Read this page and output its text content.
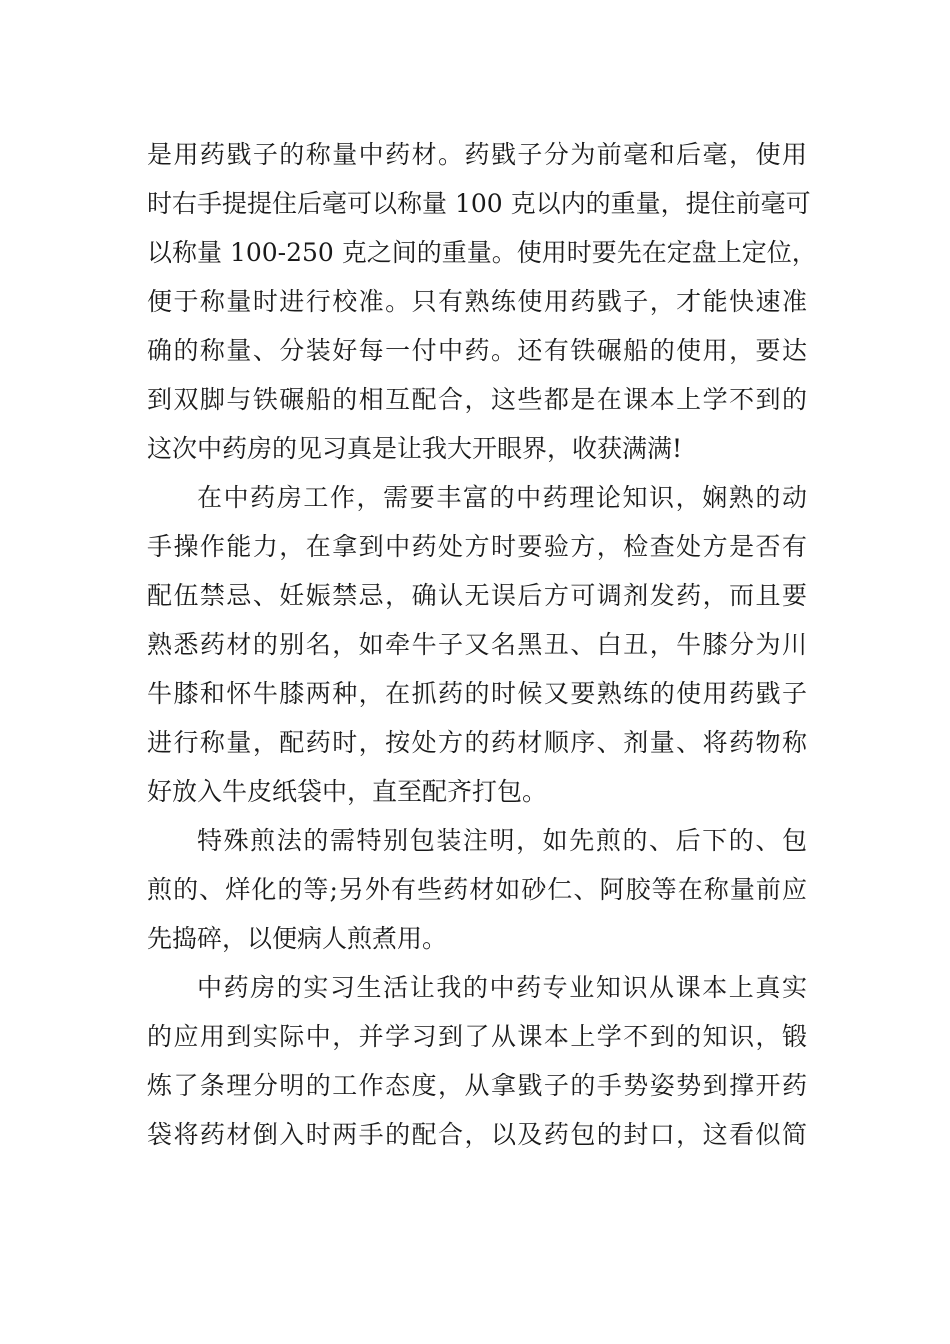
是用药戥子的称量中药材。药戥子分为前毫和后毫，使用
时右手提提住后毫可以称量 100 克以内的重量，提住前毫可
以称量 100-250 克之间的重量。使用时要先在定盘上定位，
便于称量时进行校准。只有熟练使用药戥子，才能快速准
确的称量、分装好每一付中药。还有铁碾船的使用，要达
到双脚与铁碾船的相互配合，这些都是在课本上学不到的
这次中药房的见习真是让我大开眼界，收获满满!
在中药房工作，需要丰富的中药理论知识，娴熟的动
手操作能力，在拿到中药处方时要验方，检查处方是否有
配伍禁忌、妊娠禁忌，确认无误后方可调剂发药，而且要
熟悉药材的别名，如牵牛子又名黑丑、白丑，牛膝分为川
牛膝和怀牛膝两种，在抓药的时候又要熟练的使用药戥子
进行称量，配药时，按处方的药材顺序、剂量、将药物称
好放入牛皮纸袋中，直至配齐打包。
特殊煎法的需特别包装注明，如先煎的、后下的、包
煎的、烊化的等;另外有些药材如砂仁、阿胶等在称量前应
先捣碎，以便病人煎煮用。
中药房的实习生活让我的中药专业知识从课本上真实
的应用到实际中，并学习到了从课本上学不到的知识，锻
炼了条理分明的工作态度，从拿戥子的手势姿势到撑开药
袋将药材倒入时两手的配合，以及药包的封口，这看似简
